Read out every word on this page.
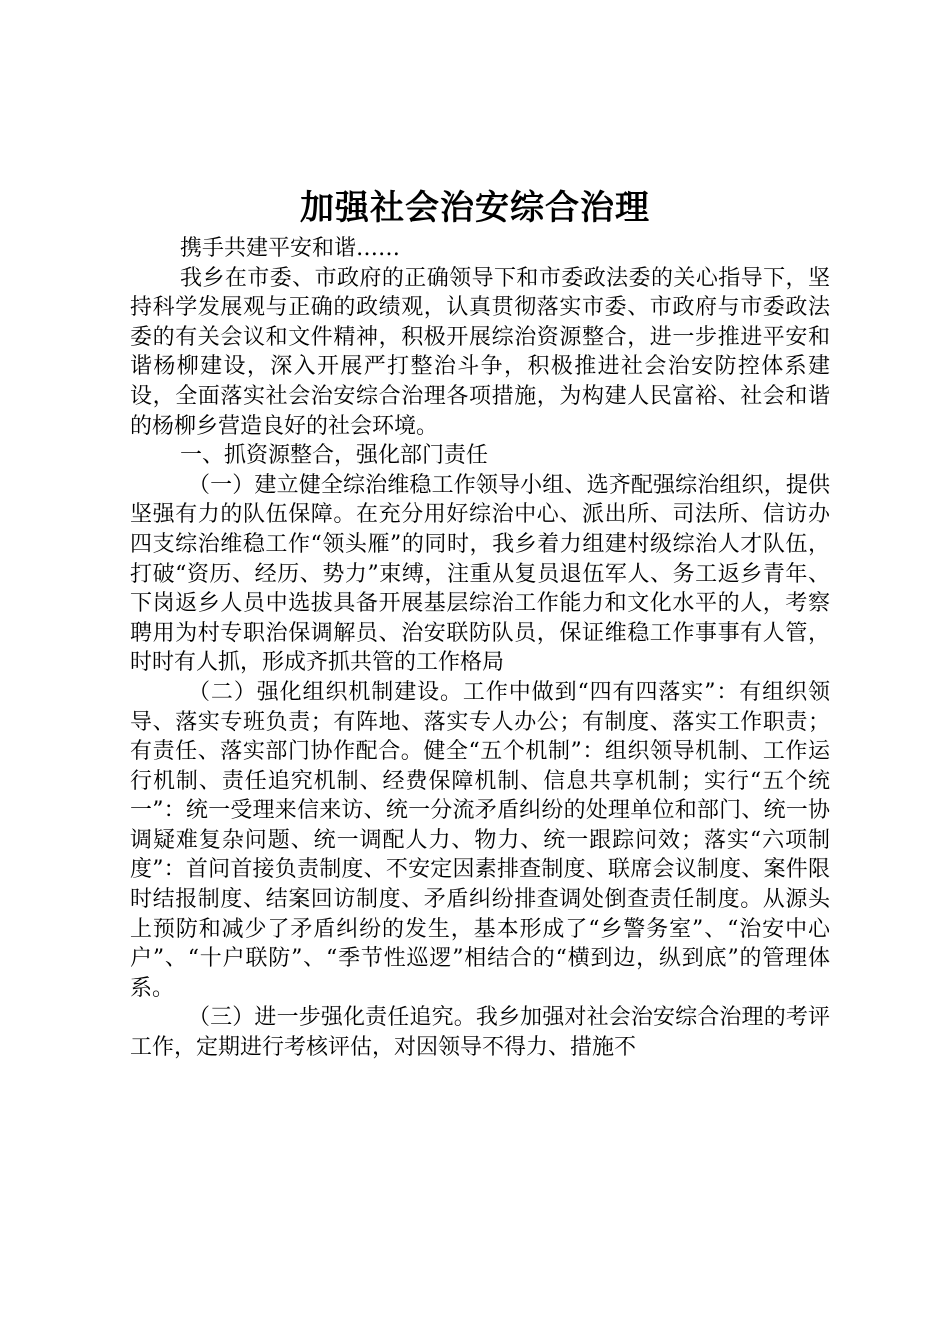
加强社会治安综合治理

携手共建平安和谐……

我乡在市委、市政府的正确领导下和市委政法委的关心指导下，坚持科学发展观与正确的政绩观，认真贯彻落实市委、市政府与市委政法委的有关会议和文件精神，积极开展综治资源整合，进一步推进平安和谐杨柳建设，深入开展严打整治斗争，积极推进社会治安防控体系建设，全面落实社会治安综合治理各项措施，为构建人民富裕、社会和谐的杨柳乡营造良好的社会环境。

一、抓资源整合，强化部门责任

（一）建立健全综治维稳工作领导小组、选齐配强综治组织，提供坚强有力的队伍保障。在充分用好综治中心、派出所、司法所、信访办四支综治维稳工作“领头雁”的同时，我乡着力组建村级综治人才队伍，打破“资历、经历、势力”束缚，注重从复员退伍军人、务工返乡青年、下岗返乡人员中选拔具备开展基层综治工作能力和文化水平的人，考察聘用为村专职治保调解员、治安联防队员，保证维稳工作事事有人管，时时有人抓，形成齐抓共管的工作格局

（二）强化组织机制建设。工作中做到“四有四落实”：有组织领导、落实专班负责；有阵地、落实专人办公；有制度、落实工作职责；有责任、落实部门协作配合。健全“五个机制”：组织领导机制、工作运行机制、责任追究机制、经费保障机制、信息共享机制；实行“五个统一”：统一受理来信来访、统一分流矛盾纠纷的处理单位和部门、统一协调疑难复杂问题、统一调配人力、物力、统一跟踪问效；落实“六项制度”：首问首接负责制度、不安定因素排查制度、联席会议制度、案件限时结报制度、结案回访制度、矛盾纠纷排查调处倒查责任制度。从源头上预防和减少了矛盾纠纷的发生，基本形成了“乡警务室”、“治安中心户”、“十户联防”、“季节性巡逻”相结合的“横到边，纵到底”的管理体系。

（三）进一步强化责任追究。我乡加强对社会治安综合治理的考评工作，定期进行考核评估，对因领导不得力、措施不
